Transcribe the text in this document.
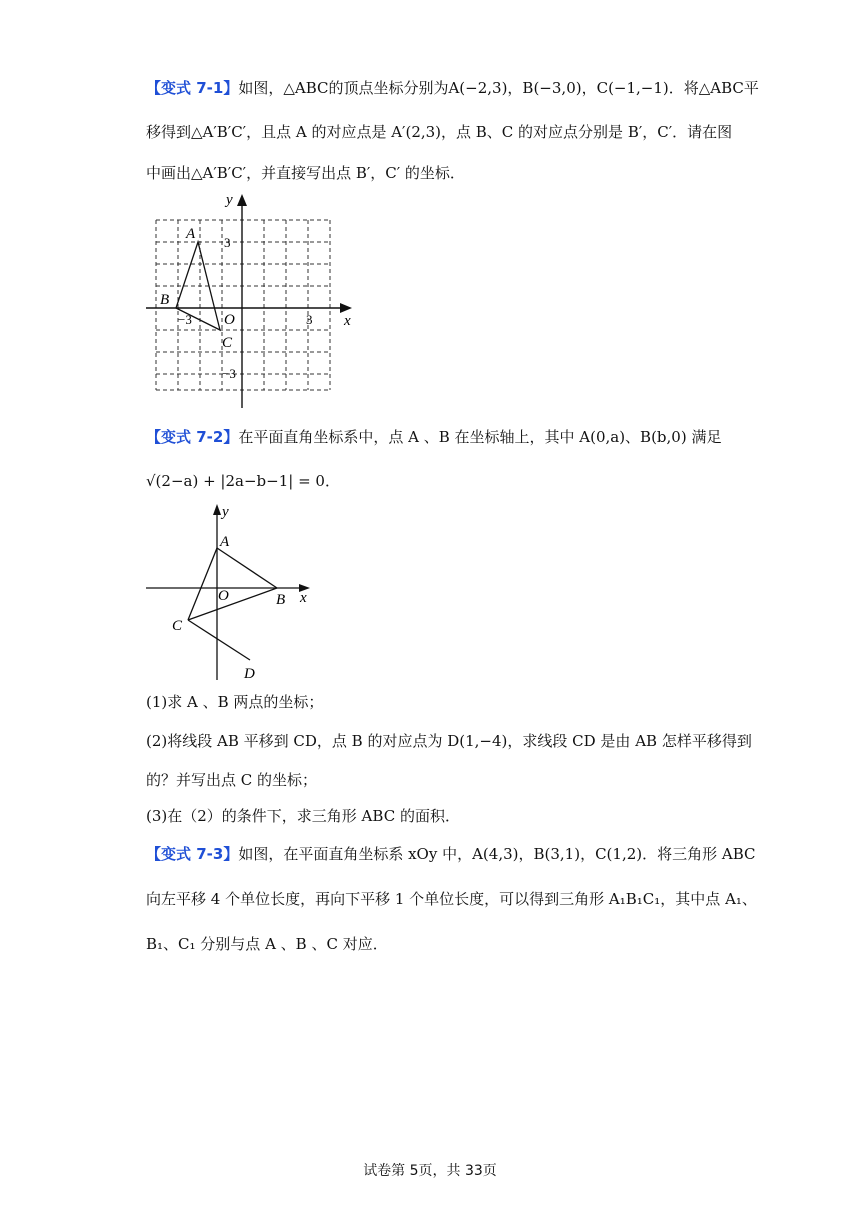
【变式 7-1】如图，△ABC的顶点坐标分别为A(−2,3)，B(−3,0)，C(−1,−1)．将△ABC平
移得到△A′B′C′，且点 A 的对应点是 A′(2,3)，点 B、C 的对应点分别是 B′，C′．请在图
中画出△A′B′C′，并直接写出点 B′，C′ 的坐标．
x
y
A
B
C
O
−3	3
3
−3
【变式 7-2】在平面直角坐标系中，点 A 、B 在坐标轴上，其中 A(0,a)、B(b,0) 满足
√(2−a) + |2a−b−1| = 0．
x
y
A
B
C
D
O
(1)求 A 、B 两点的坐标；
(2)将线段 AB 平移到 CD，点 B 的对应点为 D(1,−4)，求线段 CD 是由 AB 怎样平移得到
的？并写出点 C 的坐标；
(3)在（2）的条件下，求三角形 ABC 的面积．
【变式 7-3】如图，在平面直角坐标系 xOy 中，A(4,3)，B(3,1)，C(1,2)．将三角形 ABC
向左平移 4 个单位长度，再向下平移 1 个单位长度，可以得到三角形 A₁B₁C₁，其中点 A₁、
B₁、C₁ 分别与点 A 、B 、C 对应．
试卷第 5页，共 33页
